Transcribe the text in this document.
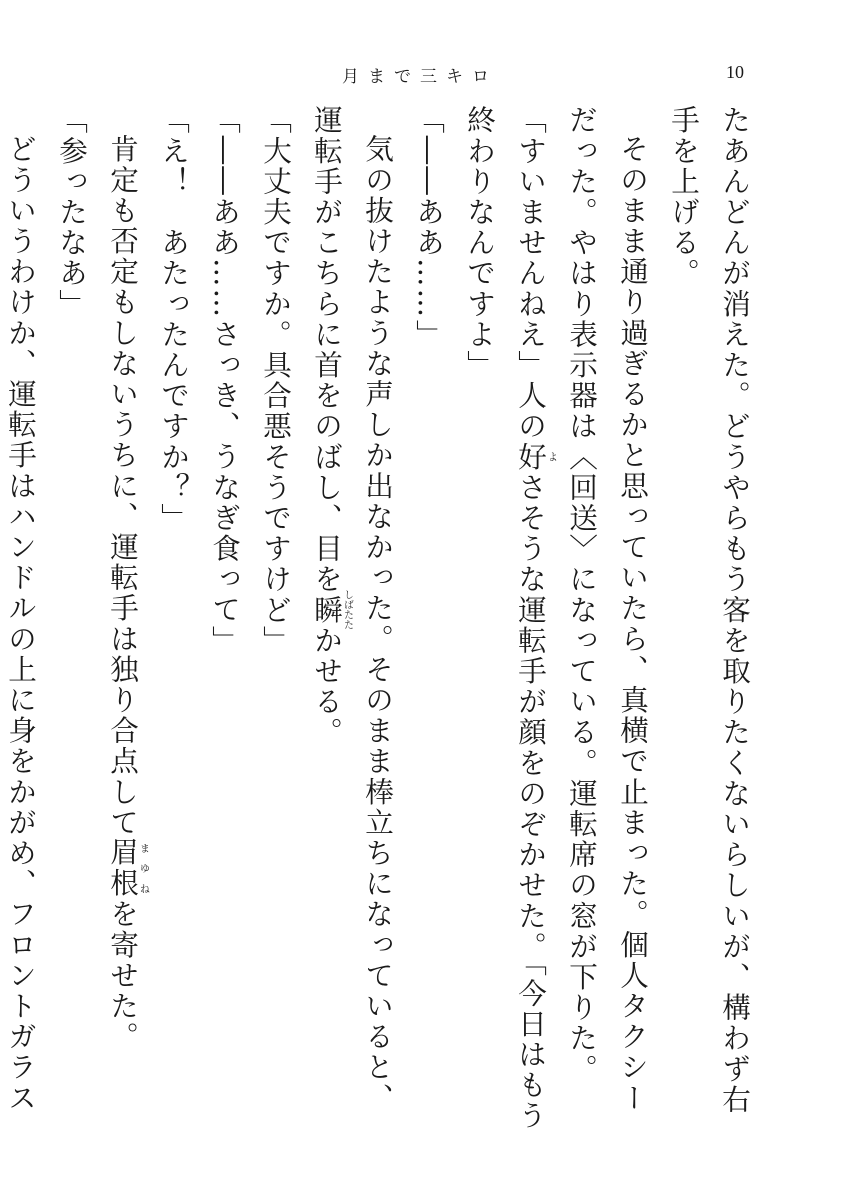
月まで三キロ	10

たあんどんが消えた。どうやらもう客を取りたくないらしいが、構わず右手を上げる。

そのまま通り過ぎるかと思っていたら、真横で止まった。個人タクシーだった。やはり表示器は〈回送〉になっている。運転席の窓が下りた。

「すいませんねえ」人の好よさそうな運転手が顔をのぞかせた。「今日はもう終わりなんですよ」

「――ああ……」

気の抜けたような声しか出なかった。そのまま棒立ちになっていると、運転手がこちらに首をのばし、目を瞬しばたたかせる。

「大丈夫ですか。具合悪そうですけど」

「――ああ……さっき、うなぎ食って」

「え！　あたったんですか？」

肯定も否定もしないうちに、運転手は独り合点して眉根まゆねを寄せた。

「参ったなあ」

どういうわけか、運転手はハンドルの上に身をかがめ、フロントガラス
